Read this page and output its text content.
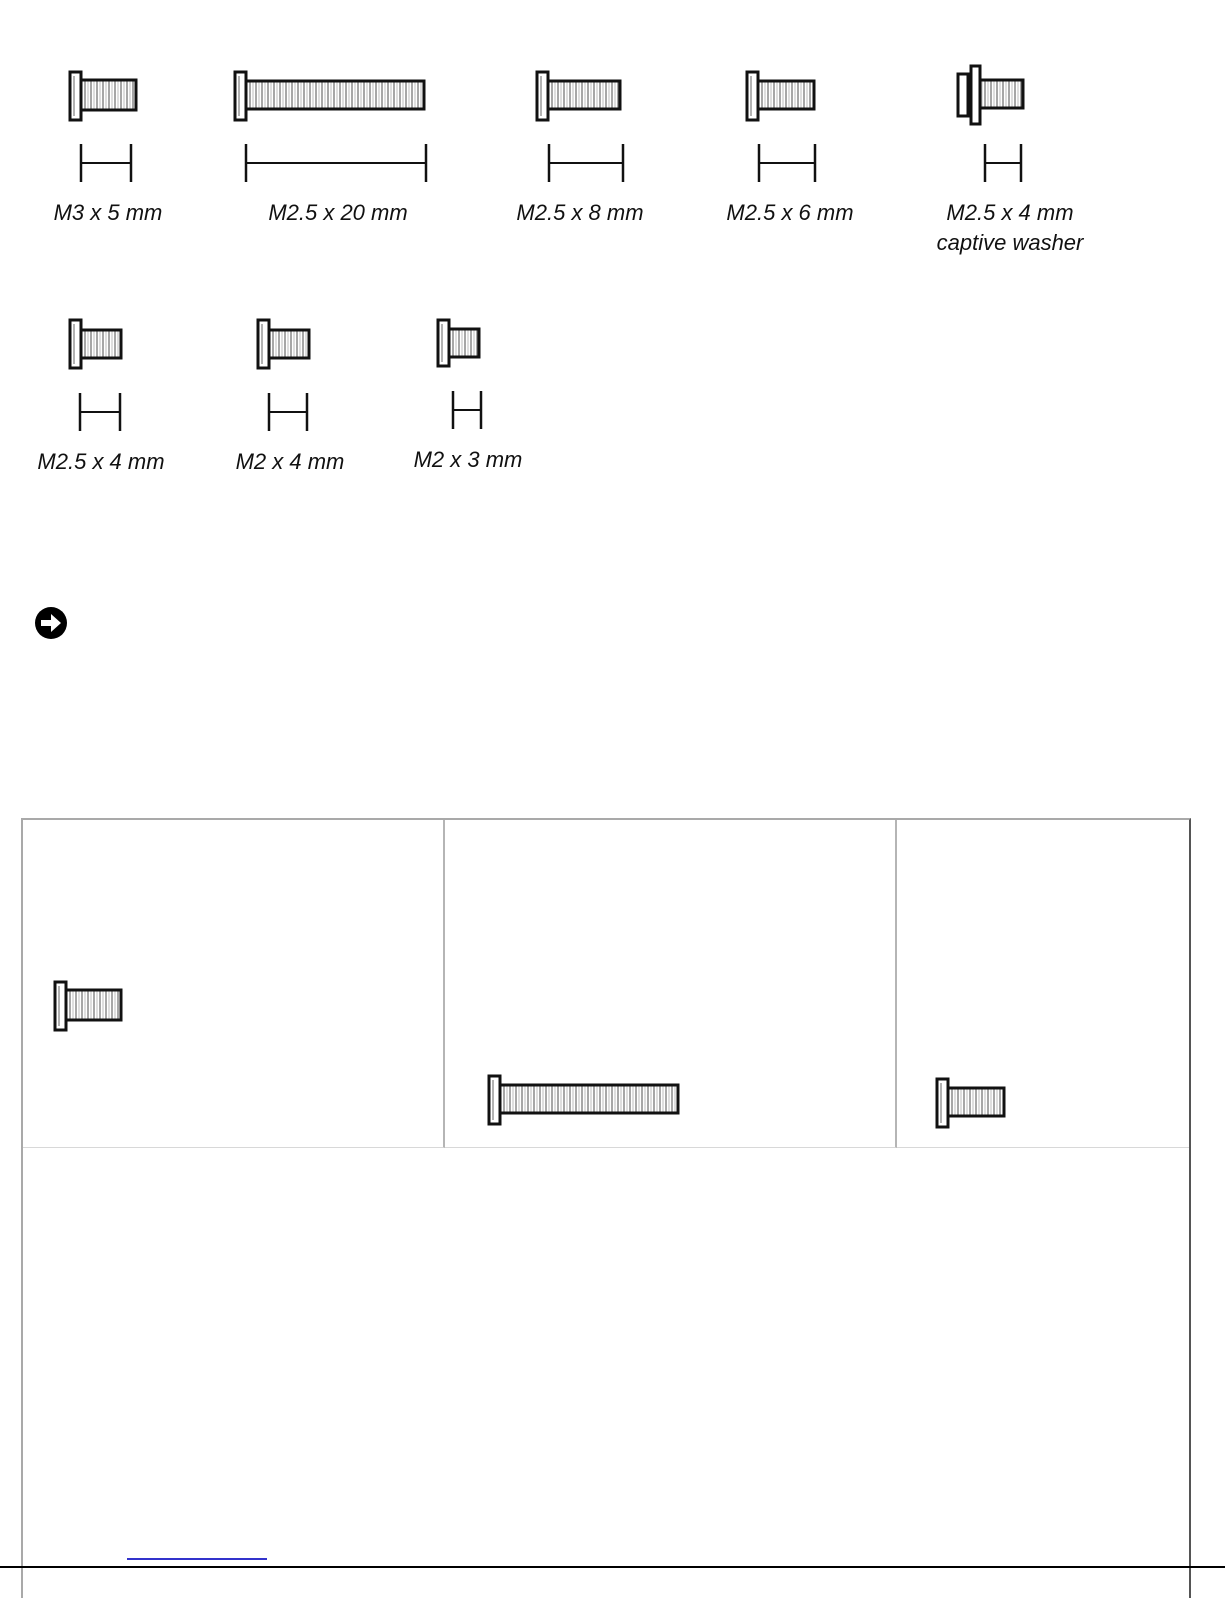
M3 x 5 mm	M2.5 x 20 mm	M2.5 x 8 mm	M2.5 x 6 mm	M2.5 x 4 mm
captive washer
M2.5 x 4 mm	M2 x 4 mm	M2 x 3 mm
